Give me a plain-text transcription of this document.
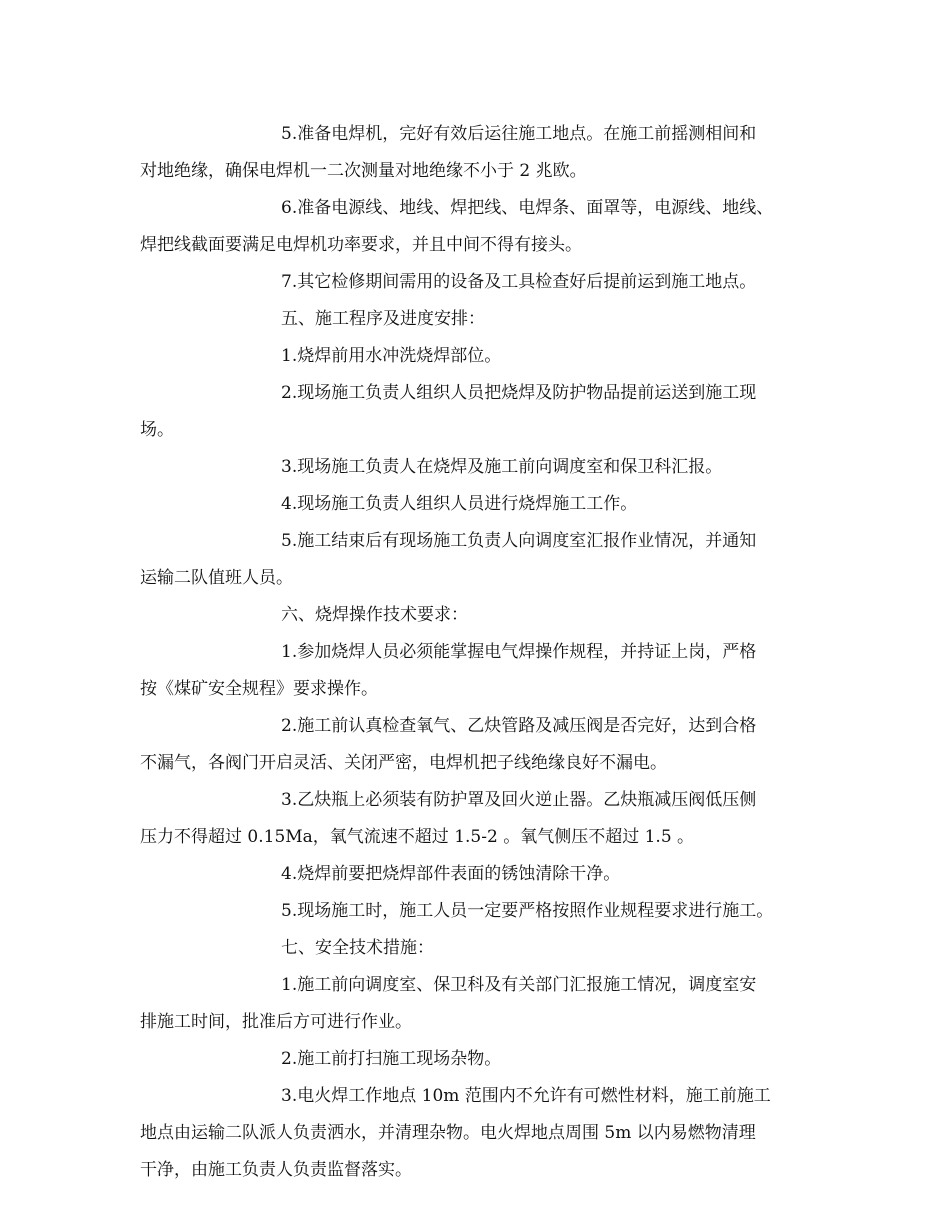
5.准备电焊机，完好有效后运往施工地点。在施工前摇测相间和
对地绝缘，确保电焊机一二次测量对地绝缘不小于 2 兆欧。

6.准备电源线、地线、焊把线、电焊条、面罩等，电源线、地线、
焊把线截面要满足电焊机功率要求，并且中间不得有接头。

7.其它检修期间需用的设备及工具检查好后提前运到施工地点。

五、施工程序及进度安排：

1.烧焊前用水冲洗烧焊部位。

2.现场施工负责人组织人员把烧焊及防护物品提前运送到施工现
场。

3.现场施工负责人在烧焊及施工前向调度室和保卫科汇报。

4.现场施工负责人组织人员进行烧焊施工工作。

5.施工结束后有现场施工负责人向调度室汇报作业情况，并通知
运输二队值班人员。

六、烧焊操作技术要求：

1.参加烧焊人员必须能掌握电气焊操作规程，并持证上岗，严格
按《煤矿安全规程》要求操作。

2.施工前认真检查氧气、乙炔管路及减压阀是否完好，达到合格
不漏气，各阀门开启灵活、关闭严密，电焊机把子线绝缘良好不漏电。

3.乙炔瓶上必须装有防护罩及回火逆止器。乙炔瓶减压阀低压侧
压力不得超过 0.15Ma，氧气流速不超过 1.5-2 。氧气侧压不超过 1.5 。

4.烧焊前要把烧焊部件表面的锈蚀清除干净。

5.现场施工时，施工人员一定要严格按照作业规程要求进行施工。

七、安全技术措施：

1.施工前向调度室、保卫科及有关部门汇报施工情况，调度室安
排施工时间，批准后方可进行作业。

2.施工前打扫施工现场杂物。

3.电火焊工作地点 10m 范围内不允许有可燃性材料，施工前施工
地点由运输二队派人负责洒水，并清理杂物。电火焊地点周围 5m 以内易燃物清理
干净，由施工负责人负责监督落实。
